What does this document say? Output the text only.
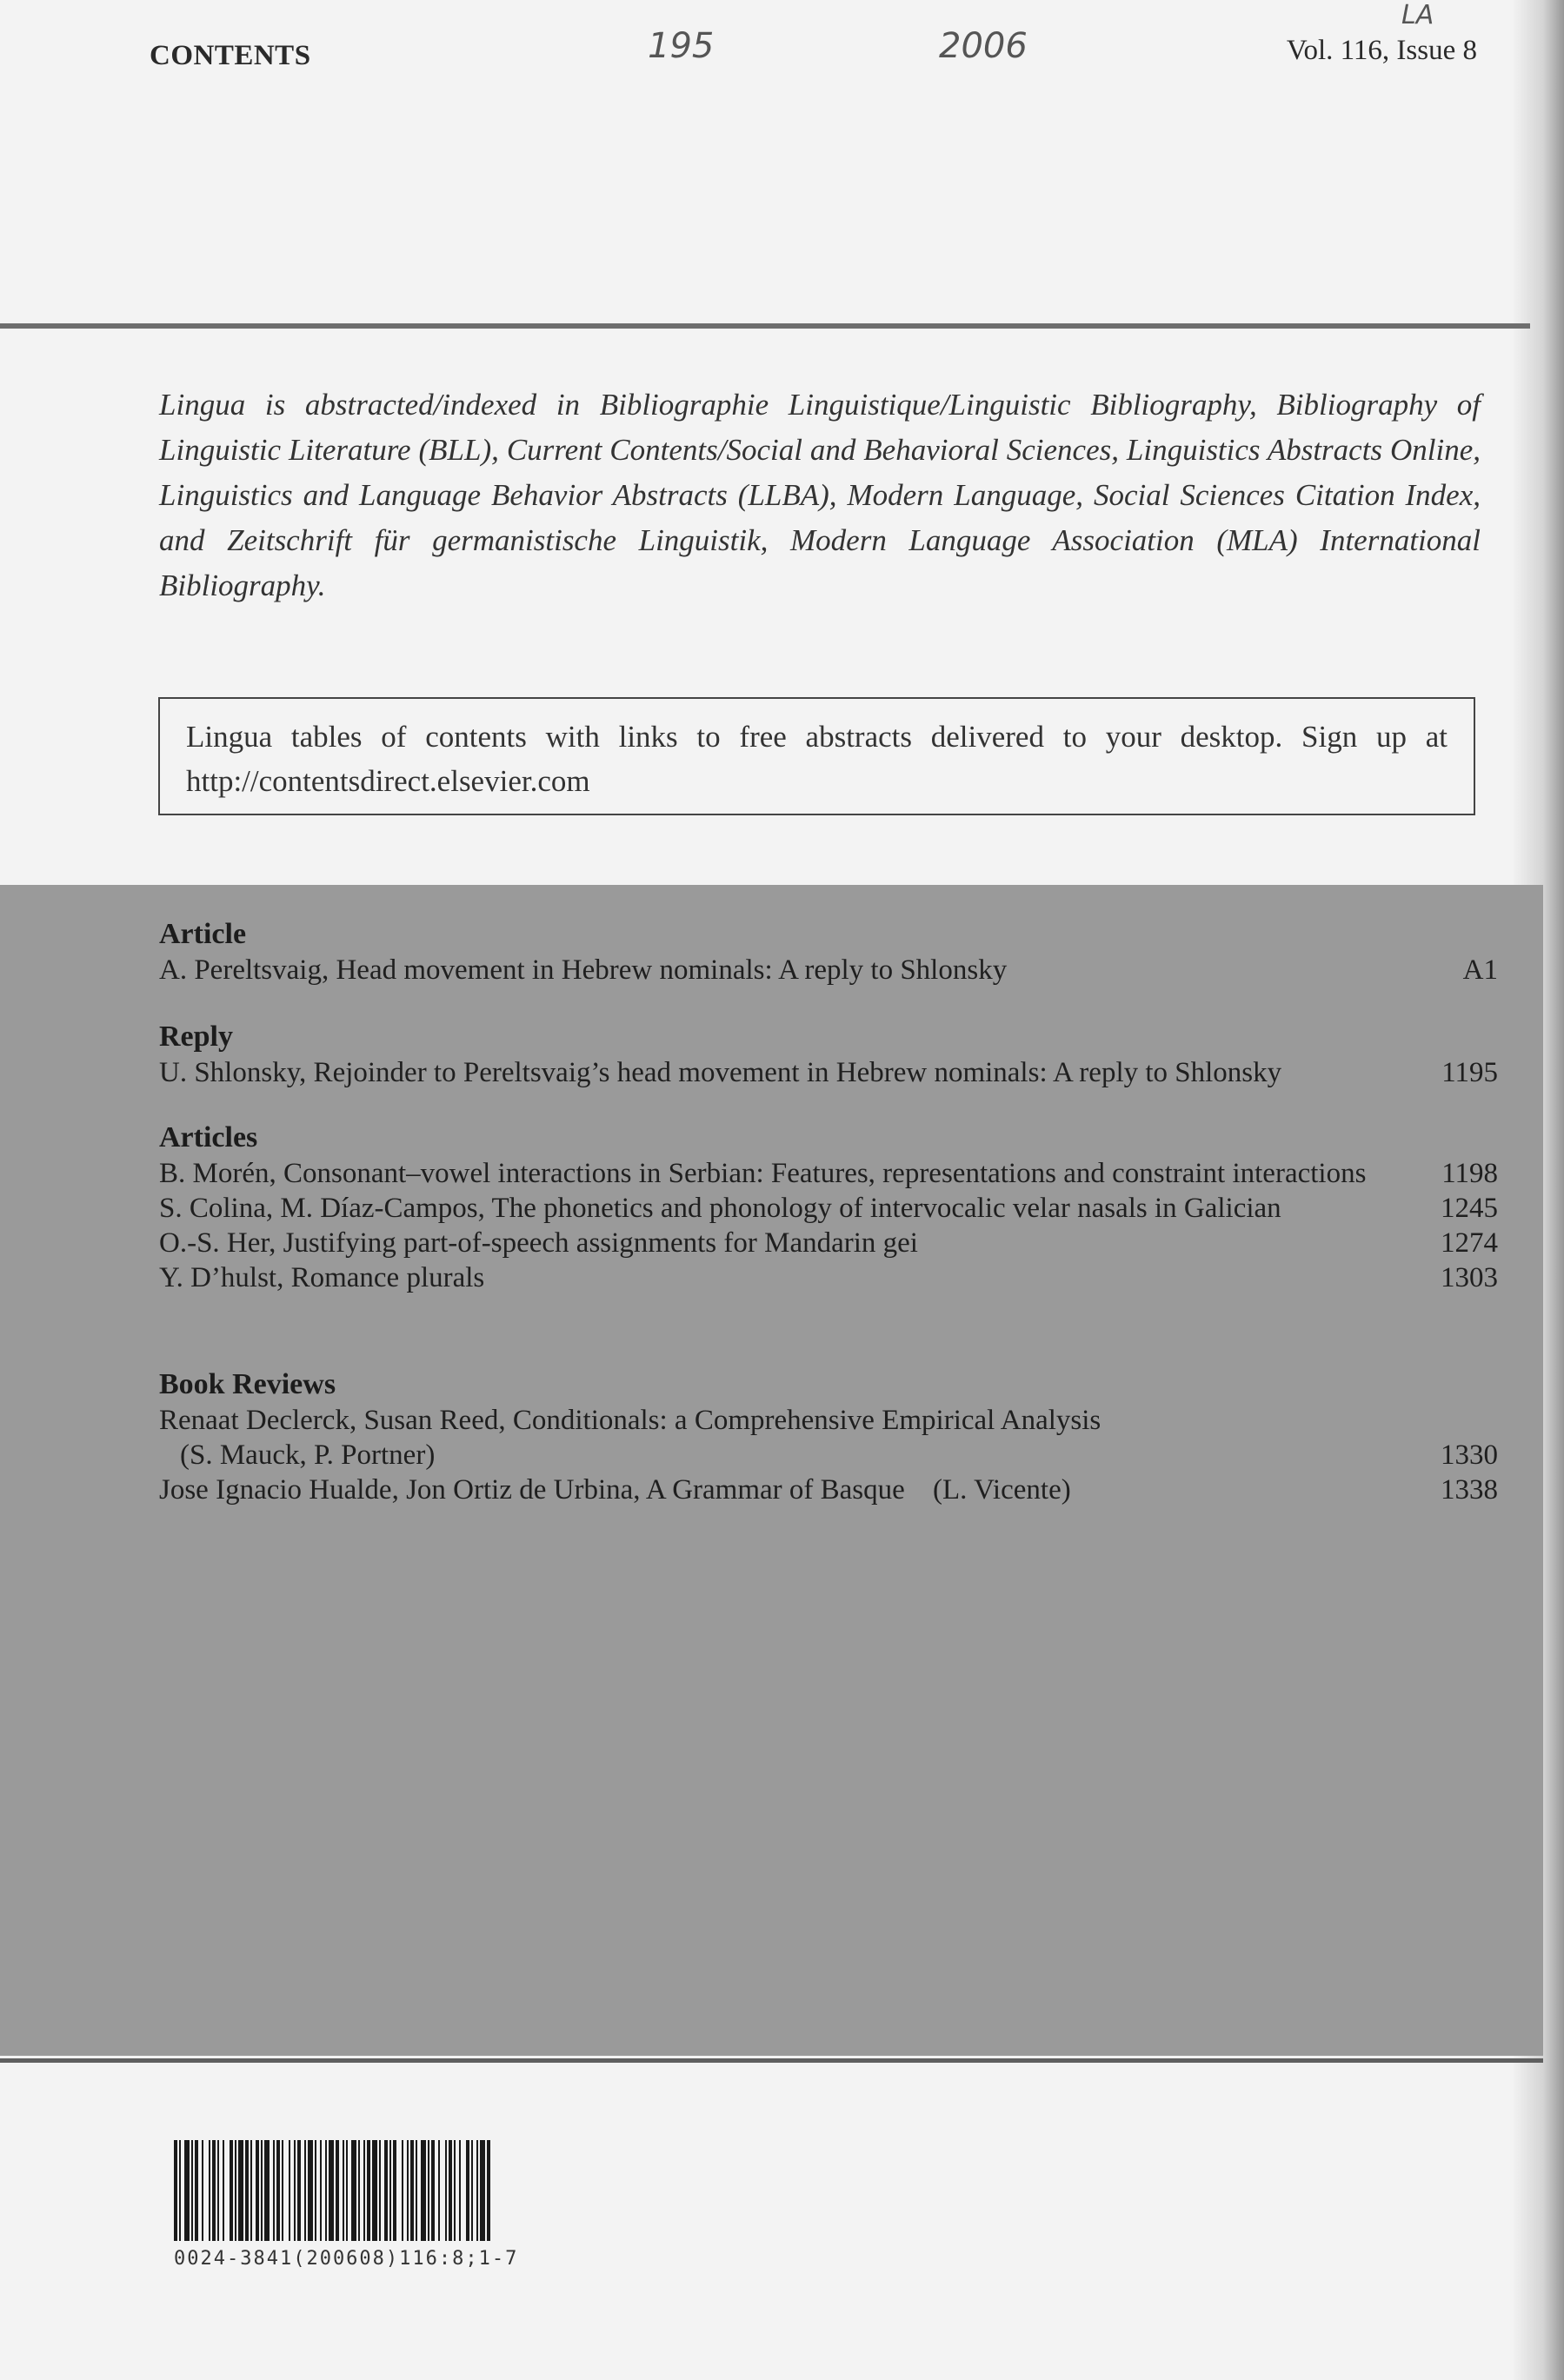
CONTENTS	195	2006
LA
Vol. 116, Issue 8
Lingua is abstracted/indexed in Bibliographie Linguistique/Linguistic Bibliography, Bibliography of Linguistic Literature (BLL), Current Contents/Social and Behavioral Sciences, Linguistics Abstracts Online, Linguistics and Language Behavior Abstracts (LLBA), Modern Language, Social Sciences Citation Index, and Zeitschrift für germanistische Linguistik, Modern Language Association (MLA) International Bibliography.
Lingua tables of contents with links to free abstracts delivered to your desktop. Sign up at http://contentsdirect.elsevier.com
Article
A. Pereltsvaig, Head movement in Hebrew nominals: A reply to Shlonsky	A1
Reply
U. Shlonsky, Rejoinder to Pereltsvaig’s head movement in Hebrew nominals: A reply to Shlonsky	1195
Articles
B. Morén, Consonant–vowel interactions in Serbian: Features, representations and constraint interactions	1198
S. Colina, M. Díaz-Campos, The phonetics and phonology of intervocalic velar nasals in Galician	1245
O.-S. Her, Justifying part-of-speech assignments for Mandarin gei	1274
Y. D’hulst, Romance plurals	1303
Book Reviews
Renaat Declerck, Susan Reed, Conditionals: a Comprehensive Empirical Analysis (S. Mauck, P. Portner)	1330
Jose Ignacio Hualde, Jon Ortiz de Urbina, A Grammar of Basque (L. Vicente)	1338
0024-3841(200608)116:8;1-7
